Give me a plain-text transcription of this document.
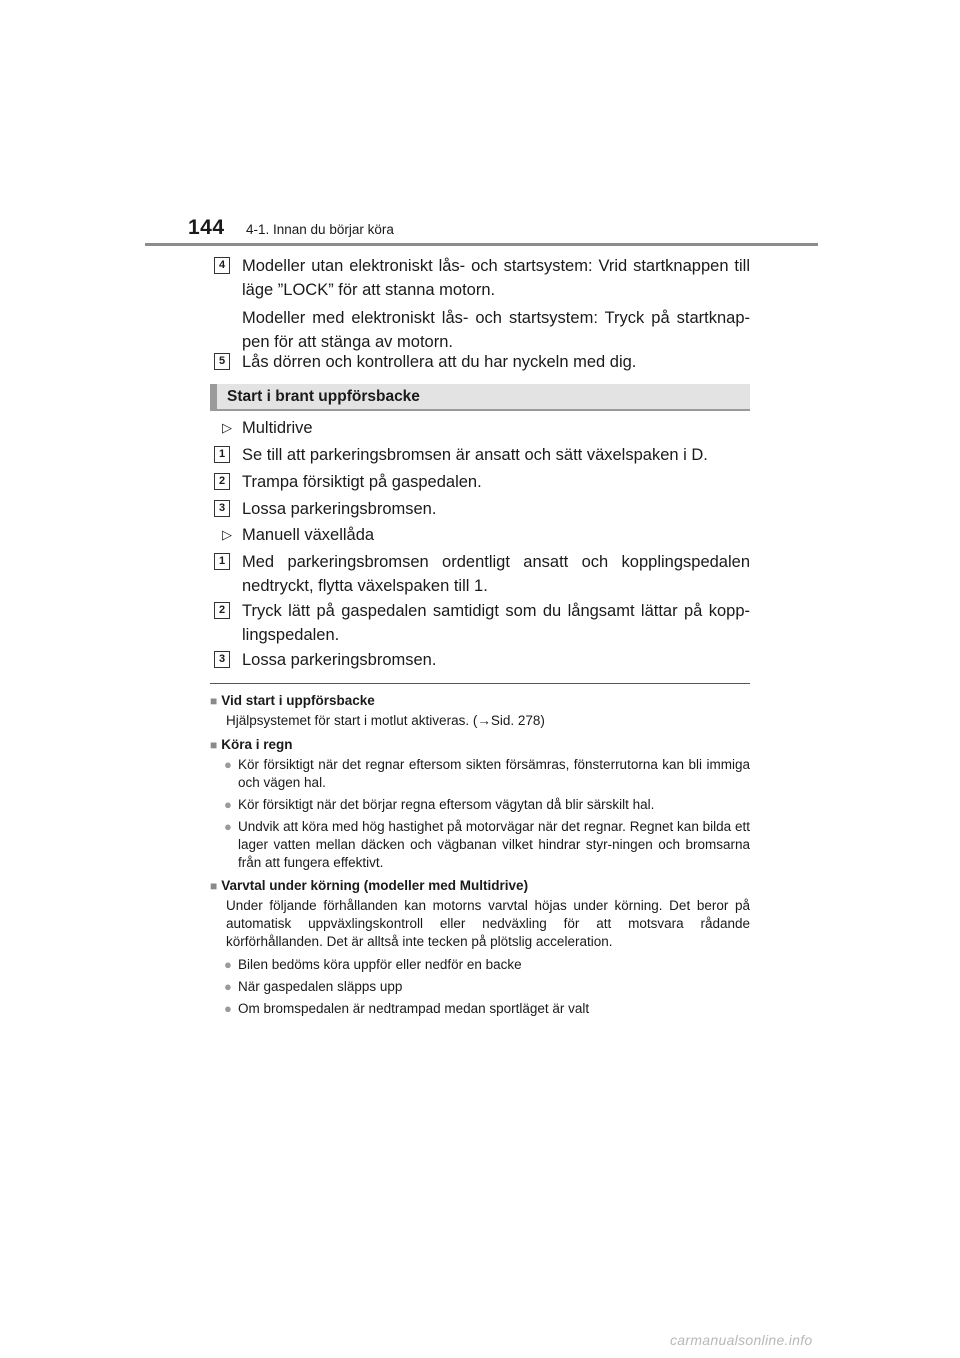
144 4-1. Innan du börjar köra
4 Modeller utan elektroniskt lås- och startsystem: Vrid startknappen till läge ”LOCK” för att stanna motorn.

Modeller med elektroniskt lås- och startsystem: Tryck på startknap-pen för att stänga av motorn.

5 Lås dörren och kontrollera att du har nyckeln med dig.

Start i brant uppförsbacke
▷ Multidrive
1 Se till att parkeringsbromsen är ansatt och sätt växelspaken i D.

2 Trampa försiktigt på gaspedalen.

3 Lossa parkeringsbromsen.

▷ Manuell växellåda
1 Med parkeringsbromsen ordentligt ansatt och kopplingspedalen nedtryckt, flytta växelspaken till 1.

2 Tryck lätt på gaspedalen samtidigt som du långsamt lättar på kopp-lingspedalen.

3 Lossa parkeringsbromsen.

■ Vid start i uppförsbacke
Hjälpsystemet för start i motlut aktiveras. (→Sid. 278)
■ Köra i regn
● Kör försiktigt när det regnar eftersom sikten försämras, fönsterrutorna kan bli immiga och vägen hal.
● Kör försiktigt när det börjar regna eftersom vägytan då blir särskilt hal.
● Undvik att köra med hög hastighet på motorvägar när det regnar. Regnet kan bilda ett lager vatten mellan däcken och vägbanan vilket hindrar styr-ningen och bromsarna från att fungera effektivt.
■ Varvtal under körning (modeller med Multidrive)
Under följande förhållanden kan motorns varvtal höjas under körning. Det beror på automatisk uppväxlingskontroll eller nedväxling för att motsvara rådande körförhållanden. Det är alltså inte tecken på plötslig acceleration.
● Bilen bedöms köra uppför eller nedför en backe
● När gaspedalen släpps upp
● Om bromspedalen är nedtrampad medan sportläget är valt
carmanualsonline.info
